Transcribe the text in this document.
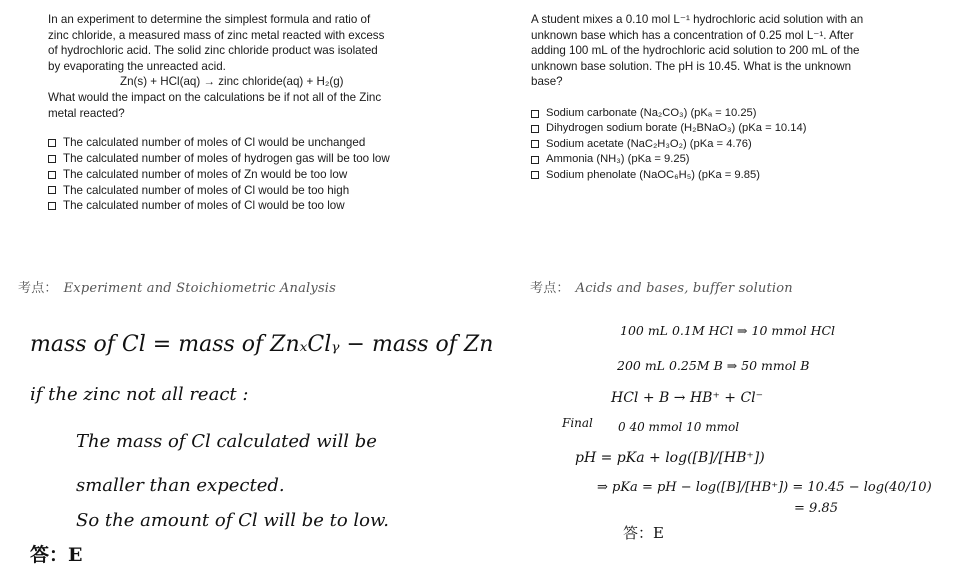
In an experiment to determine the simplest formula and ratio of
zinc chloride, a measured mass of zinc metal reacted with excess
of hydrochloric acid. The solid zinc chloride product was isolated
by evaporating the unreacted acid.

Zn(s) + HCl(aq) → zinc chloride(aq) + H₂(g)

What would the impact on the calculations be if not all of the Zinc
metal reacted?

The calculated number of moles of Cl would be unchanged
The calculated number of moles of hydrogen gas will be too low
The calculated number of moles of Zn would be too low
The calculated number of moles of Cl would be too high
The calculated number of moles of Cl would be too low

A student mixes a 0.10 mol L⁻¹ hydrochloric acid solution with an
unknown base which has a concentration of 0.25 mol L⁻¹. After
adding 100 mL of the hydrochloric acid solution to 200 mL of the
unknown base solution. The pH is 10.45. What is the unknown
base?

Sodium carbonate (Na₂CO₃) (pKₐ = 10.25)
Dihydrogen sodium borate (H₂BNaO₃) (pKa = 10.14)
Sodium acetate (NaC₂H₃O₂) (pKa = 4.76)
Ammonia (NH₃) (pKa = 9.25)
Sodium phenolate (NaOC₆H₅) (pKa = 9.85)
考点： Experiment and Stoichiometric Analysis	考点： Acids and bases, buffer solution

mass of Cl = mass of ZnₓClᵧ − mass of Zn

if the zinc not all react :

The mass of Cl calculated will be

smaller than expected.

So the amount of Cl will be to low.

答：E

100 mL 0.1M HCl ⇒ 10 mmol HCl

200 mL 0.25M B ⇒ 50 mmol B

HCl + B → HB⁺ + Cl⁻

Final 0 40 mmol 10 mmol

pH = pKa + log([B]/[HB⁺])

⇒ pKa = pH − log([B]/[HB⁺]) = 10.45 − log(40/10)

= 9.85

答：E
